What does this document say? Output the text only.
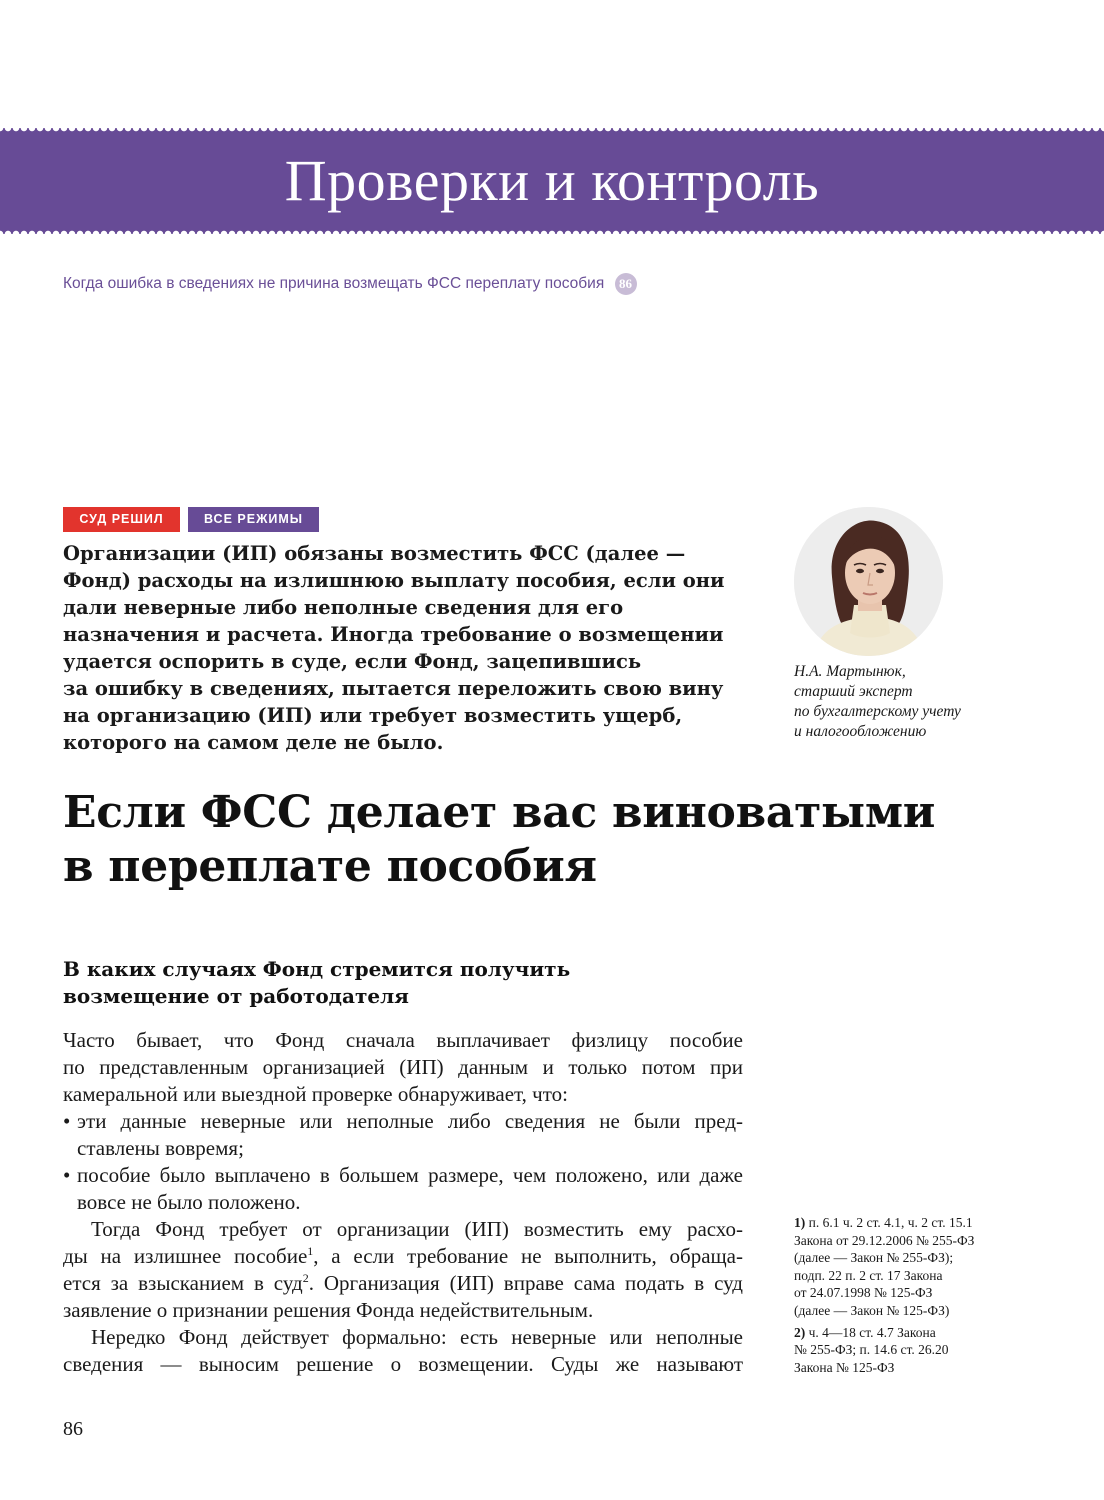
Проверки и контроль
Когда ошибка в сведениях не причина возмещать ФСС переплату пособия 86
СУД РЕШИЛ	ВСЕ РЕЖИМЫ
Организации (ИП) обязаны возместить ФСС (далее —
Фонд) расходы на излишнюю выплату пособия, если они
дали неверные либо неполные сведения для его
назначения и расчета. Иногда требование о возмещении
удается оспорить в суде, если Фонд, зацепившись
за ошибку в сведениях, пытается переложить свою вину
на организацию (ИП) или требует возместить ущерб,
которого на самом деле не было.
Н.А. Мартынюк,
старший эксперт
по бухгалтерскому учету
и налогообложению
Если ФСС делает вас виноватыми
в переплате пособия
В каких случаях Фонд стремится получить
возмещение от работодателя
Часто бывает, что Фонд сначала выплачивает физлицу пособие
по представленным организацией (ИП) данным и только потом при
камеральной или выездной проверке обнаруживает, что:
• эти данные неверные или неполные либо сведения не были пред-
ставлены вовремя;
• пособие было выплачено в большем размере, чем положено, или даже
вовсе не было положено.
Тогда Фонд требует от организации (ИП) возместить ему расхо-
ды на излишнее пособие$^1$, а если требование не выполнить, обраща-
ется за взысканием в суд$^2$. Организация (ИП) вправе сама подать в суд
заявление о признании решения Фонда недействительным.
Нередко Фонд действует формально: есть неверные или неполные
сведения — выносим решение о возмещении. Суды же называют
1) п. 6.1 ч. 2 ст. 4.1, ч. 2 ст. 15.1
Закона от 29.12.2006 № 255-ФЗ
(далее — Закон № 255-ФЗ);
подп. 22 п. 2 ст. 17 Закона
от 24.07.1998 № 125-ФЗ
(далее — Закон № 125-ФЗ)
2) ч. 4—18 ст. 4.7 Закона
№ 255-ФЗ; п. 14.6 ст. 26.20
Закона № 125-ФЗ
86
